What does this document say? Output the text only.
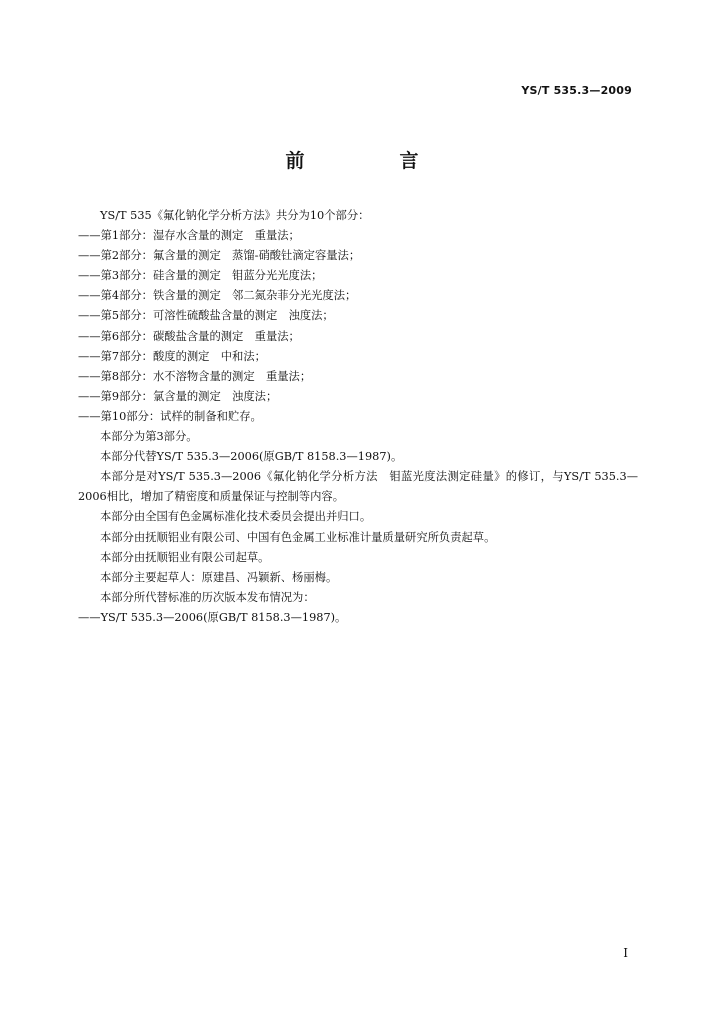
YS/T 535.3—2009
前　言
YS/T 535《氟化钠化学分析方法》共分为10个部分：
——第1部分：湿存水含量的测定　重量法；
——第2部分：氟含量的测定　蒸馏-硝酸钍滴定容量法；
——第3部分：硅含量的测定　钼蓝分光光度法；
——第4部分：铁含量的测定　邻二氮杂菲分光光度法；
——第5部分：可溶性硫酸盐含量的测定　浊度法；
——第6部分：碳酸盐含量的测定　重量法；
——第7部分：酸度的测定　中和法；
——第8部分：水不溶物含量的测定　重量法；
——第9部分：氯含量的测定　浊度法；
——第10部分：试样的制备和贮存。
本部分为第3部分。
本部分代替YS/T 535.3—2006(原GB/T 8158.3—1987)。
本部分是对YS/T 535.3—2006《氟化钠化学分析方法　钼蓝光度法测定硅量》的修订，与YS/T 535.3—2006相比，增加了精密度和质量保证与控制等内容。
本部分由全国有色金属标准化技术委员会提出并归口。
本部分由抚顺铝业有限公司、中国有色金属工业标准计量质量研究所负责起草。
本部分由抚顺铝业有限公司起草。
本部分主要起草人：原建昌、冯颖新、杨丽梅。
本部分所代替标准的历次版本发布情况为：
——YS/T 535.3—2006(原GB/T 8158.3—1987)。
I
